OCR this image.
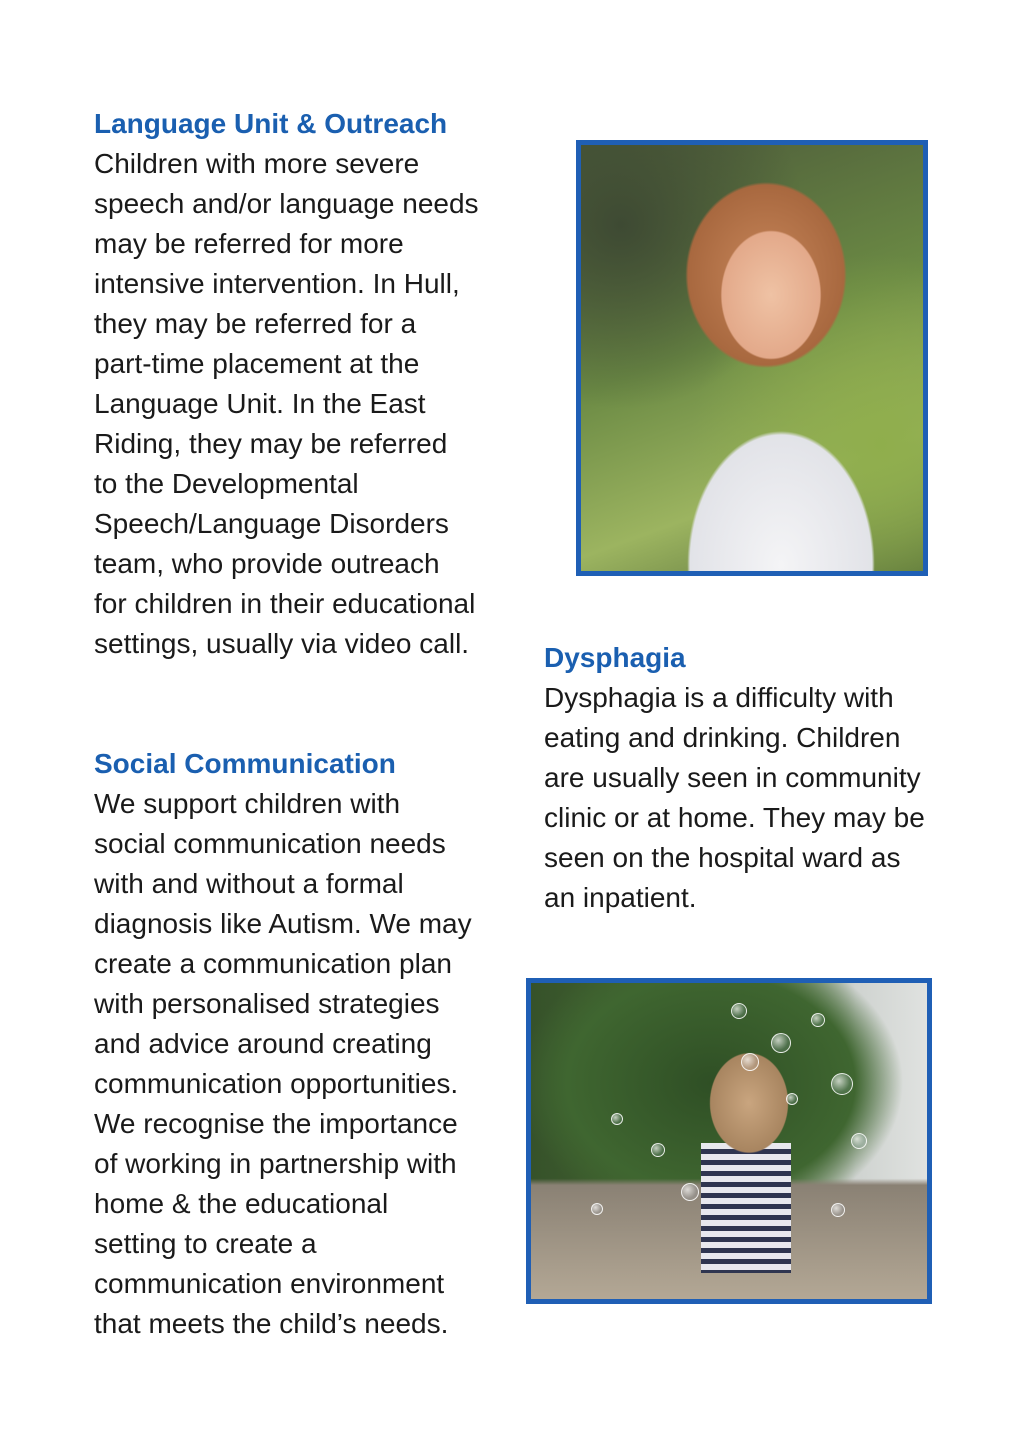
Language Unit & Outreach
Children with more severe
speech and/or language needs
may be referred for more
intensive intervention. In Hull,
they may be referred for a
part-time placement at the
Language Unit. In the East
Riding, they may be referred
to the Developmental
Speech/Language Disorders
team, who provide outreach
for children in their educational
settings, usually via video call.	Dysphagia
Dysphagia is a difficulty with
eating and drinking. Children
are usually seen in community
clinic or at home. They may be
seen on the hospital ward as
an inpatient.
Social Communication
We support children with
social communication needs
with and without a formal
diagnosis like Autism. We may
create a communication plan
with personalised strategies
and advice around creating
communication opportunities.
We recognise the importance
of working in partnership with
home & the educational
setting to create a
communication environment
that meets the child’s needs.
